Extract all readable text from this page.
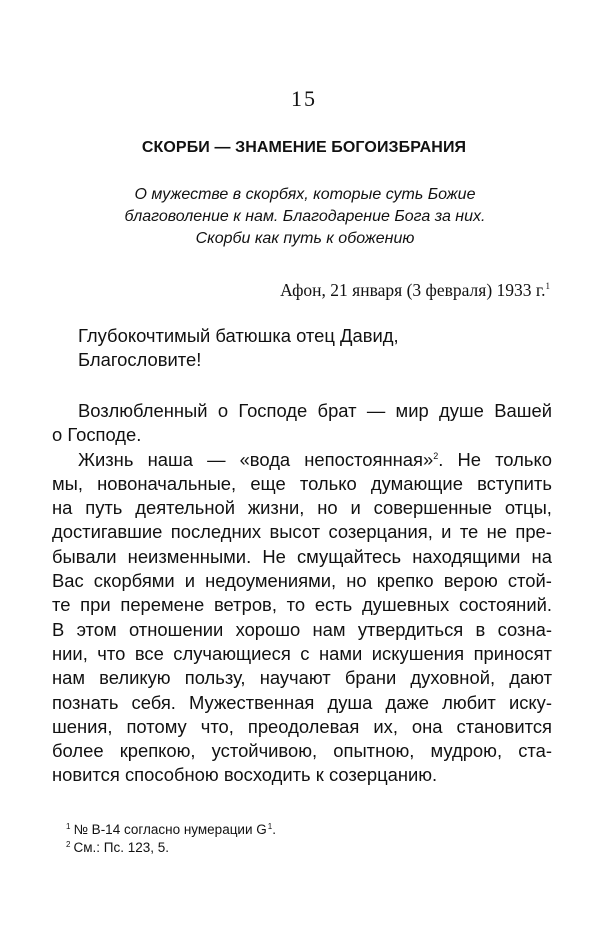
15
СКОРБИ — ЗНАМЕНИЕ БОГОИЗБРАНИЯ
О мужестве в скорбях, которые суть Божие
благоволение к нам. Благодарение Бога за них.
Скорби как путь к обожению
Афон, 21 января (3 февраля) 1933 г.$^1$
Глубокочтимый батюшка отец Давид,
Благословите!
Возлюбленный о Господе брат — мир душе Вашей
о Господе.
Жизнь наша — «вода непостоянная»$^2$. Не только
мы, новоначальные, еще только думающие вступить
на путь деятельной жизни, но и совершенные отцы,
достигавшие последних высот созерцания, и те не пре-
бывали неизменными. Не смущайтесь находящими на
Вас скорбями и недоумениями, но крепко верою стой-
те при перемене ветров, то есть душевных состояний.
В этом отношении хорошо нам утвердиться в созна-
нии, что все случающиеся с нами искушения приносят
нам великую пользу, научают брани духовной, дают
познать себя. Мужественная душа даже любит иску-
шения, потому что, преодолевая их, она становится
более крепкою, устойчивою, опытною, мудрою, ста-
новится способною восходить к созерцанию.
$^1$ № В-14 согласно нумерации G$^1$.
$^2$ См.: Пс. 123, 5.
